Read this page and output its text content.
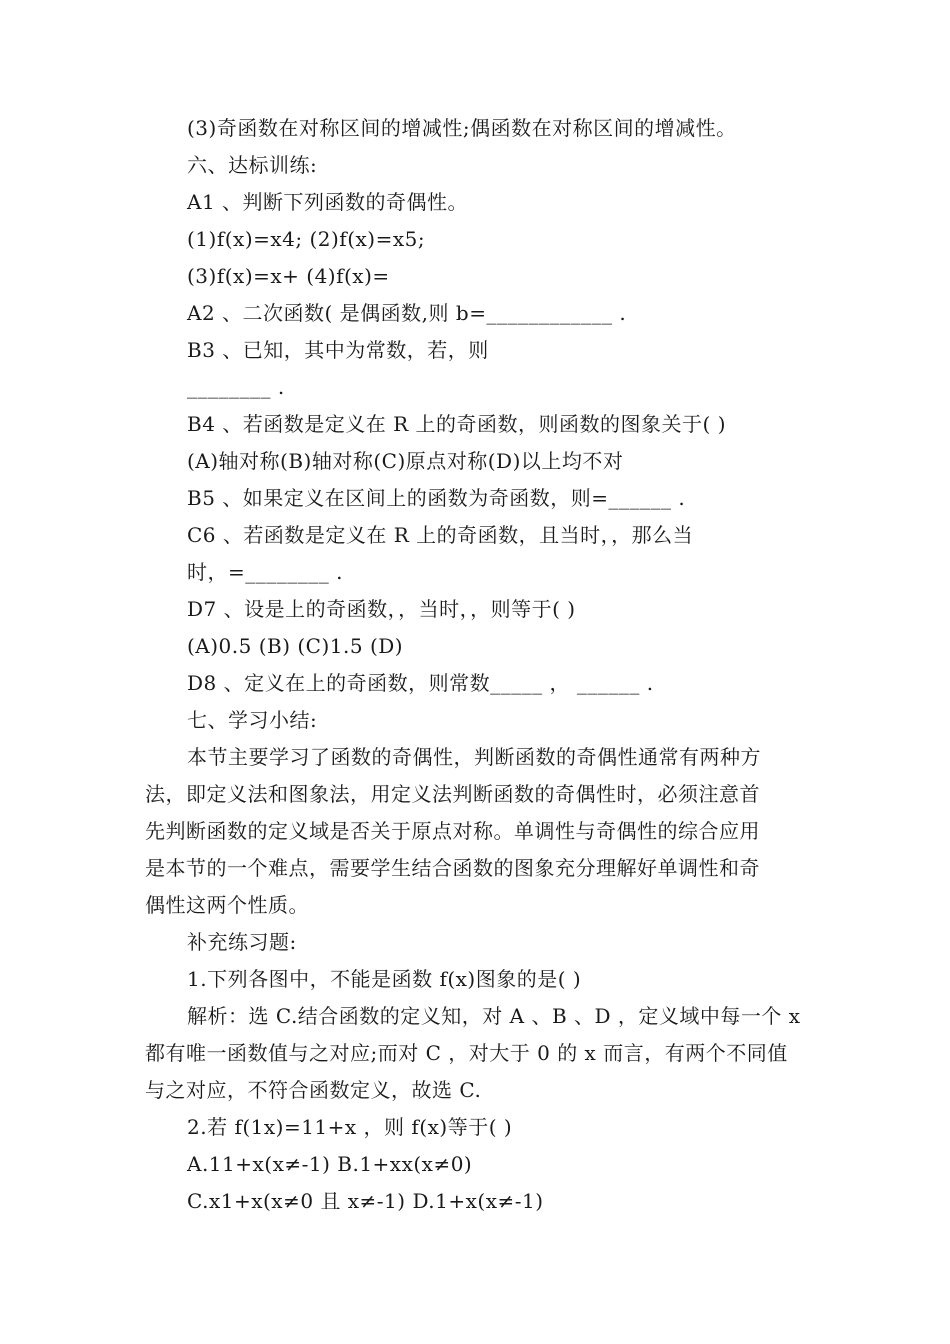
(3)奇函数在对称区间的增减性;偶函数在对称区间的增减性。
六、达标训练:
A1 、判断下列函数的奇偶性。
(1)f(x)=x4; (2)f(x)=x5;
(3)f(x)=x+ (4)f(x)=
A2 、二次函数( 是偶函数,则 b=____________ .
B3 、已知，其中为常数，若，则
________ .
B4 、若函数是定义在 R 上的奇函数，则函数的图象关于( )
(A)轴对称(B)轴对称(C)原点对称(D)以上均不对
B5 、如果定义在区间上的函数为奇函数，则=______ .
C6 、若函数是定义在 R 上的奇函数，且当时，，那么当
时，=________ .
D7 、设是上的奇函数，，当时，，则等于( )
(A)0.5 (B) (C)1.5 (D)
D8 、定义在上的奇函数，则常数_____ ， ______ .
七、学习小结:
本节主要学习了函数的奇偶性，判断函数的奇偶性通常有两种方
法，即定义法和图象法，用定义法判断函数的奇偶性时，必须注意首
先判断函数的定义域是否关于原点对称。单调性与奇偶性的综合应用
是本节的一个难点，需要学生结合函数的图象充分理解好单调性和奇
偶性这两个性质。
补充练习题:
1.下列各图中，不能是函数 f(x)图象的是( )
解析：选 C.结合函数的定义知，对 A 、B 、D ，定义域中每一个 x
都有唯一函数值与之对应;而对 C ，对大于 0 的 x 而言，有两个不同值
与之对应，不符合函数定义，故选 C.
2.若 f(1x)=11+x ，则 f(x)等于( )
A.11+x(x≠-1) B.1+xx(x≠0)
C.x1+x(x≠0 且 x≠-1) D.1+x(x≠-1)
